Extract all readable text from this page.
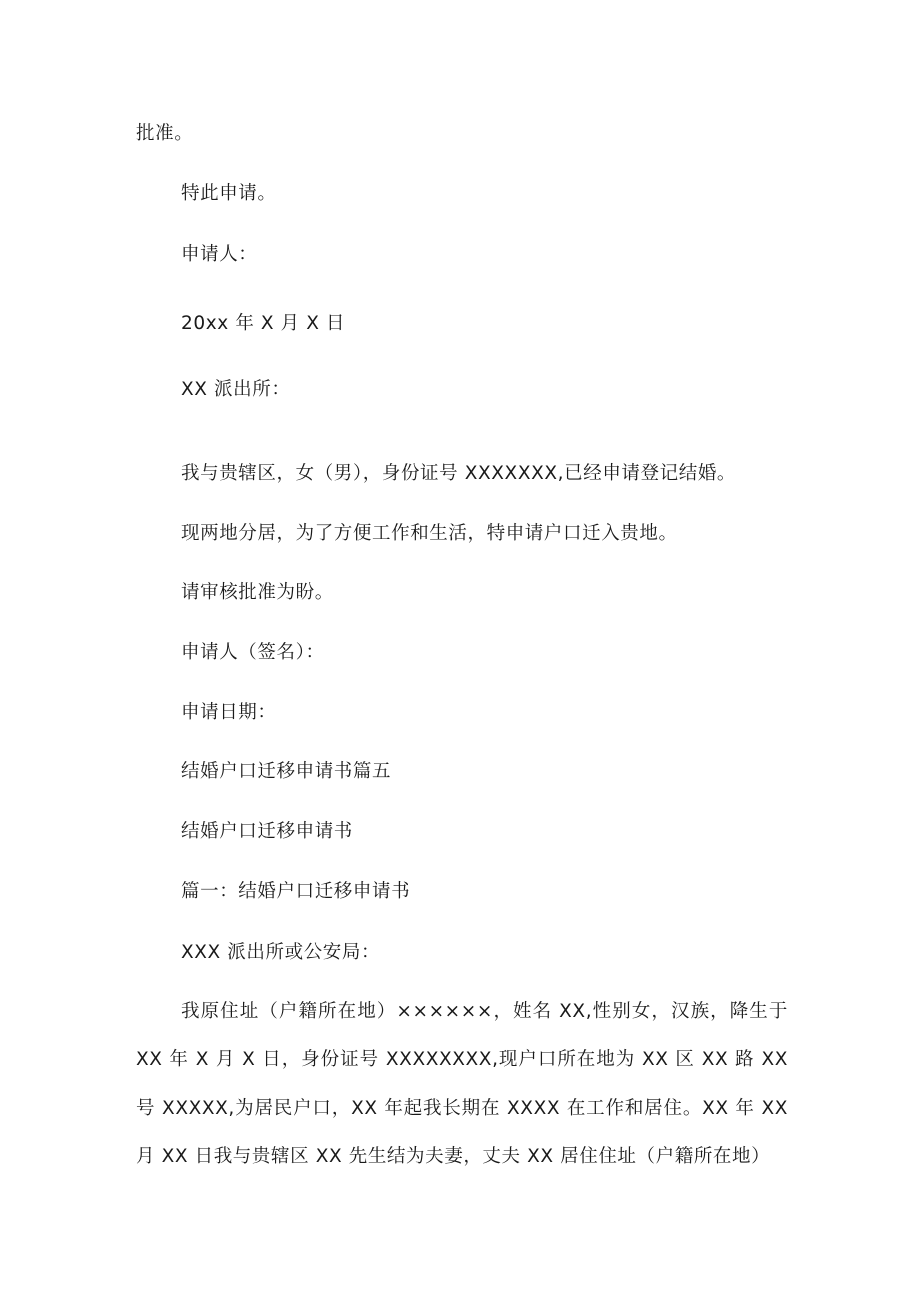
批准。
特此申请。
申请人：
20xx 年 X 月 X 日
XX 派出所：
我与贵辖区，女（男），身份证号 XXXXXXX,已经申请登记结婚。
现两地分居，为了方便工作和生活，特申请户口迁入贵地。
请审核批准为盼。
申请人（签名）：
申请日期：
结婚户口迁移申请书篇五
结婚户口迁移申请书
篇一：结婚户口迁移申请书
XXX 派出所或公安局：
我原住址（户籍所在地）××××××，姓名 XX,性别女，汉族，降生于 XX 年 X 月 X 日，身份证号 XXXXXXXX,现户口所在地为 XX 区 XX 路 XX 号 XXXXX,为居民户口，XX 年起我长期在 XXXX 在工作和居住。XX 年 XX 月 XX 日我与贵辖区 XX 先生结为夫妻，丈夫 XX 居住住址（户籍所在地）
